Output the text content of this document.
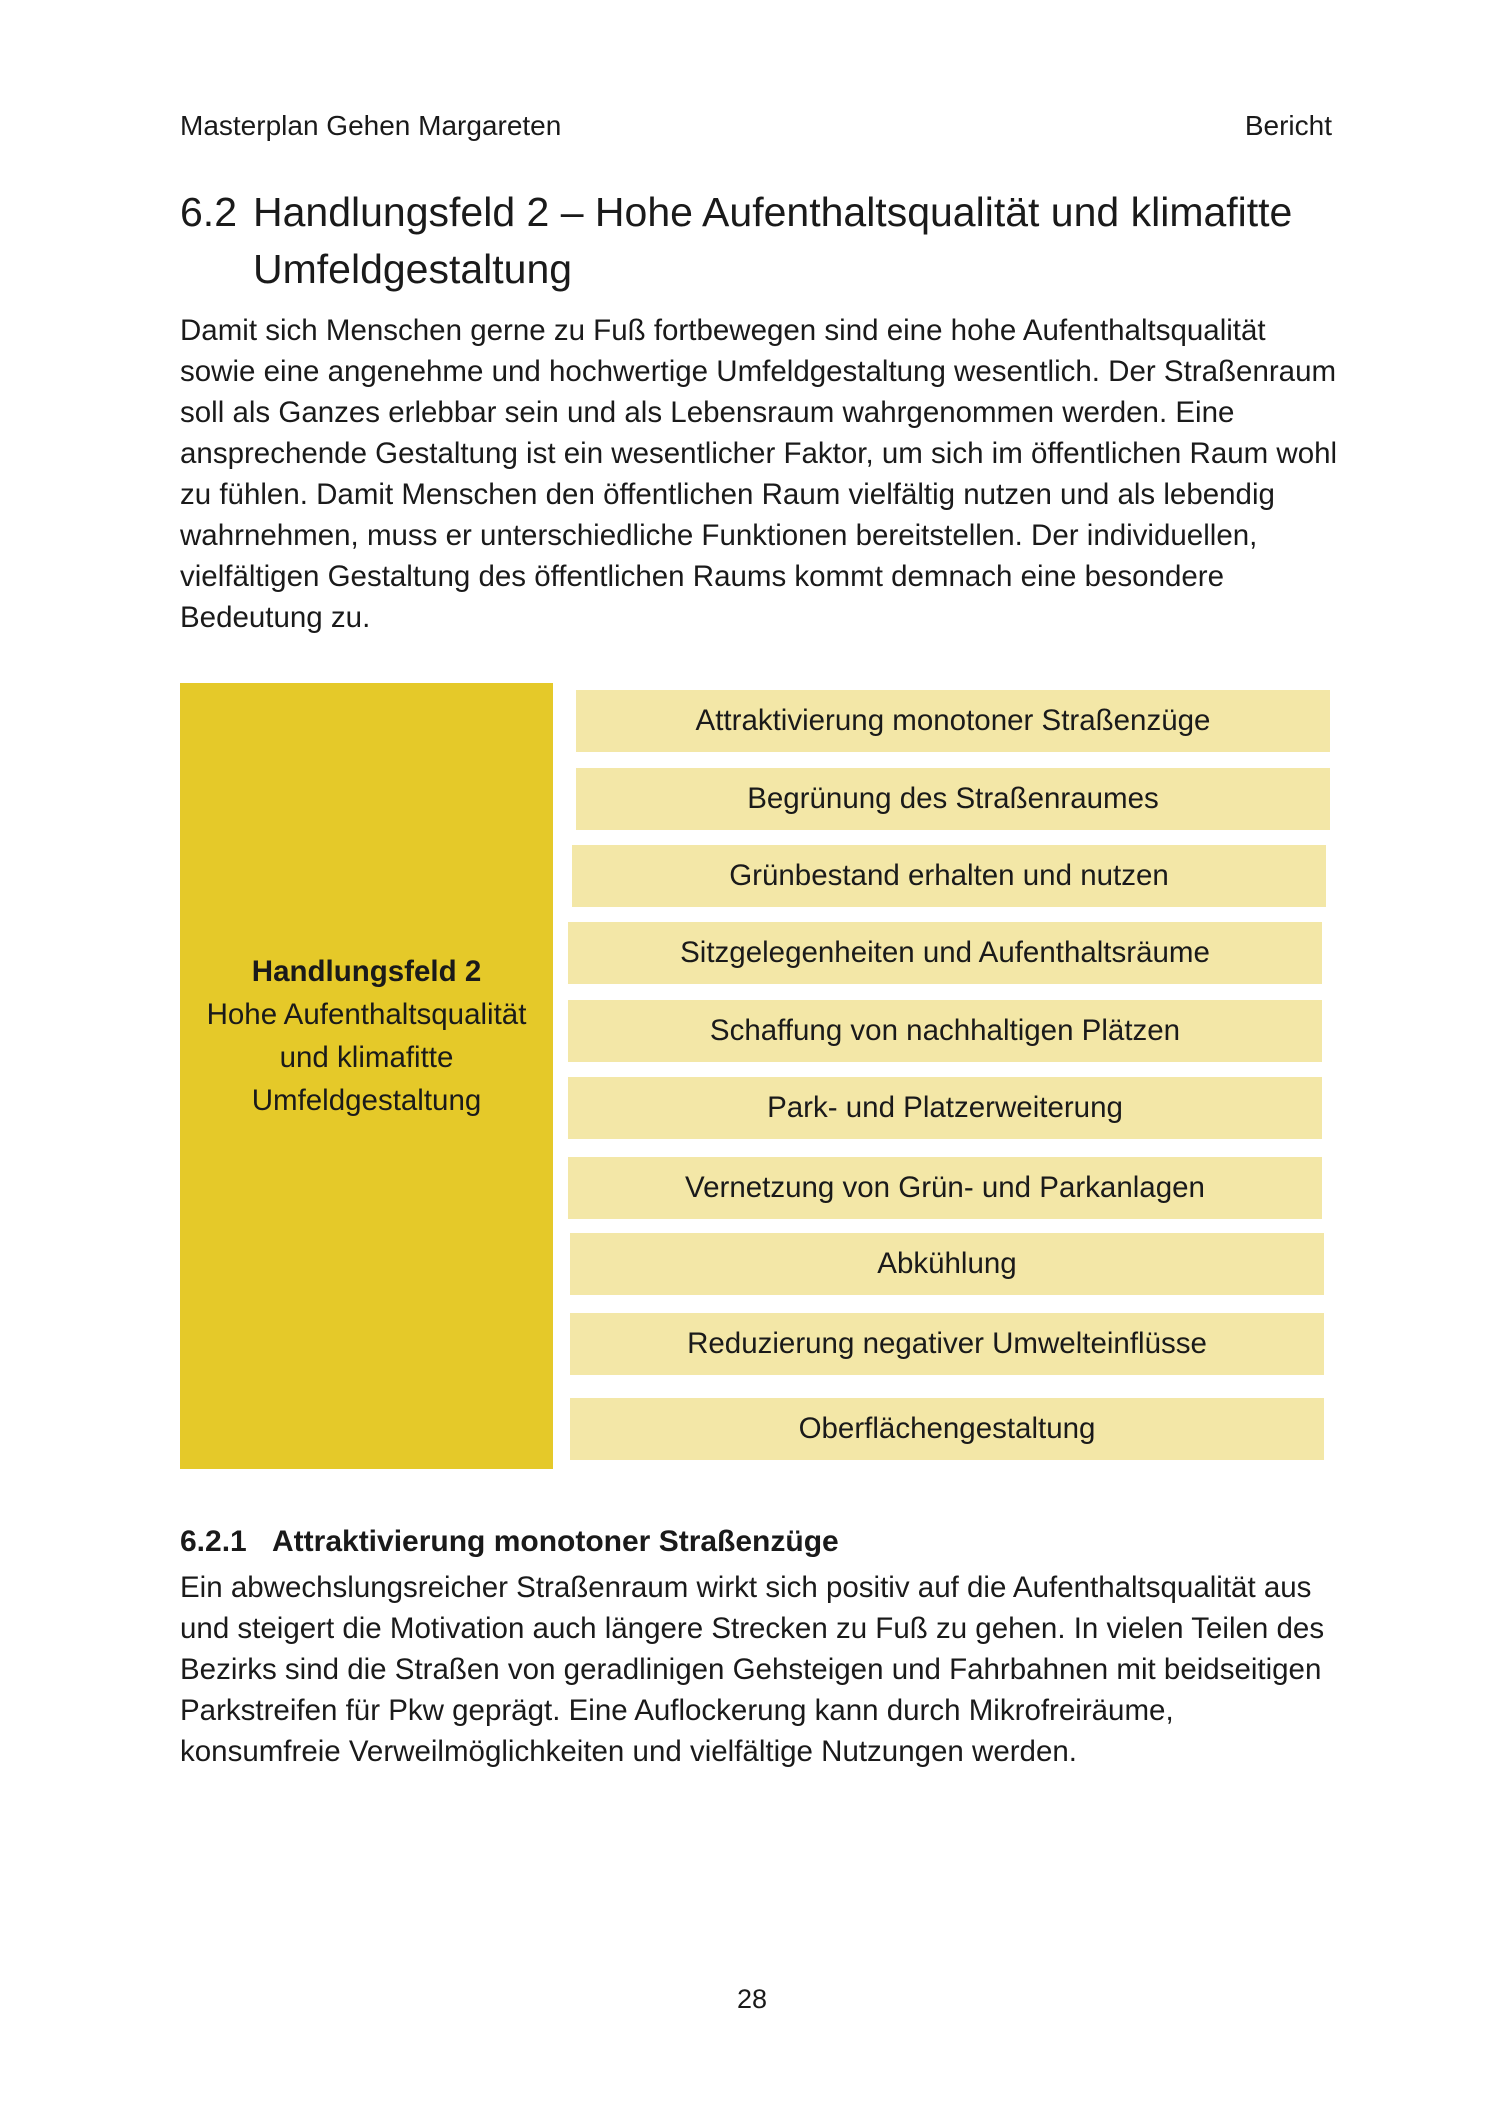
Masterplan Gehen Margareten	Bericht
6.2 Handlungsfeld 2 – Hohe Aufenthaltsqualität und klimafitte Umfeldgestaltung

Damit sich Menschen gerne zu Fuß fortbewegen sind eine hohe Aufenthaltsqualität sowie eine angenehme und hochwertige Umfeldgestaltung wesentlich. Der Straßenraum soll als Ganzes erlebbar sein und als Lebensraum wahrgenommen werden. Eine ansprechende Gestaltung ist ein wesentlicher Faktor, um sich im öffentlichen Raum wohl zu fühlen. Damit Menschen den öffentlichen Raum vielfältig nutzen und als lebendig wahrnehmen, muss er unterschiedliche Funktionen bereitstellen. Der individuellen, vielfältigen Gestaltung des öffentlichen Raums kommt demnach eine besondere Bedeutung zu.

Handlungsfeld 2
Hohe Aufenthaltsqualität und klimafitte Umfeldgestaltung
Attraktivierung monotoner Straßenzüge
Begrünung des Straßenraumes
Grünbestand erhalten und nutzen
Sitzgelegenheiten und Aufenthaltsräume
Schaffung von nachhaltigen Plätzen
Park- und Platzerweiterung
Vernetzung von Grün- und Parkanlagen
Abkühlung
Reduzierung negativer Umwelteinflüsse
Oberflächengestaltung
6.2.1 Attraktivierung monotoner Straßenzüge

Ein abwechslungsreicher Straßenraum wirkt sich positiv auf die Aufenthaltsqualität aus und steigert die Motivation auch längere Strecken zu Fuß zu gehen. In vielen Teilen des Bezirks sind die Straßen von geradlinigen Gehsteigen und Fahrbahnen mit beidseitigen Parkstreifen für Pkw geprägt. Eine Auflockerung kann durch Mikrofreiräume, konsumfreie Verweilmöglichkeiten und vielfältige Nutzungen werden.

28
